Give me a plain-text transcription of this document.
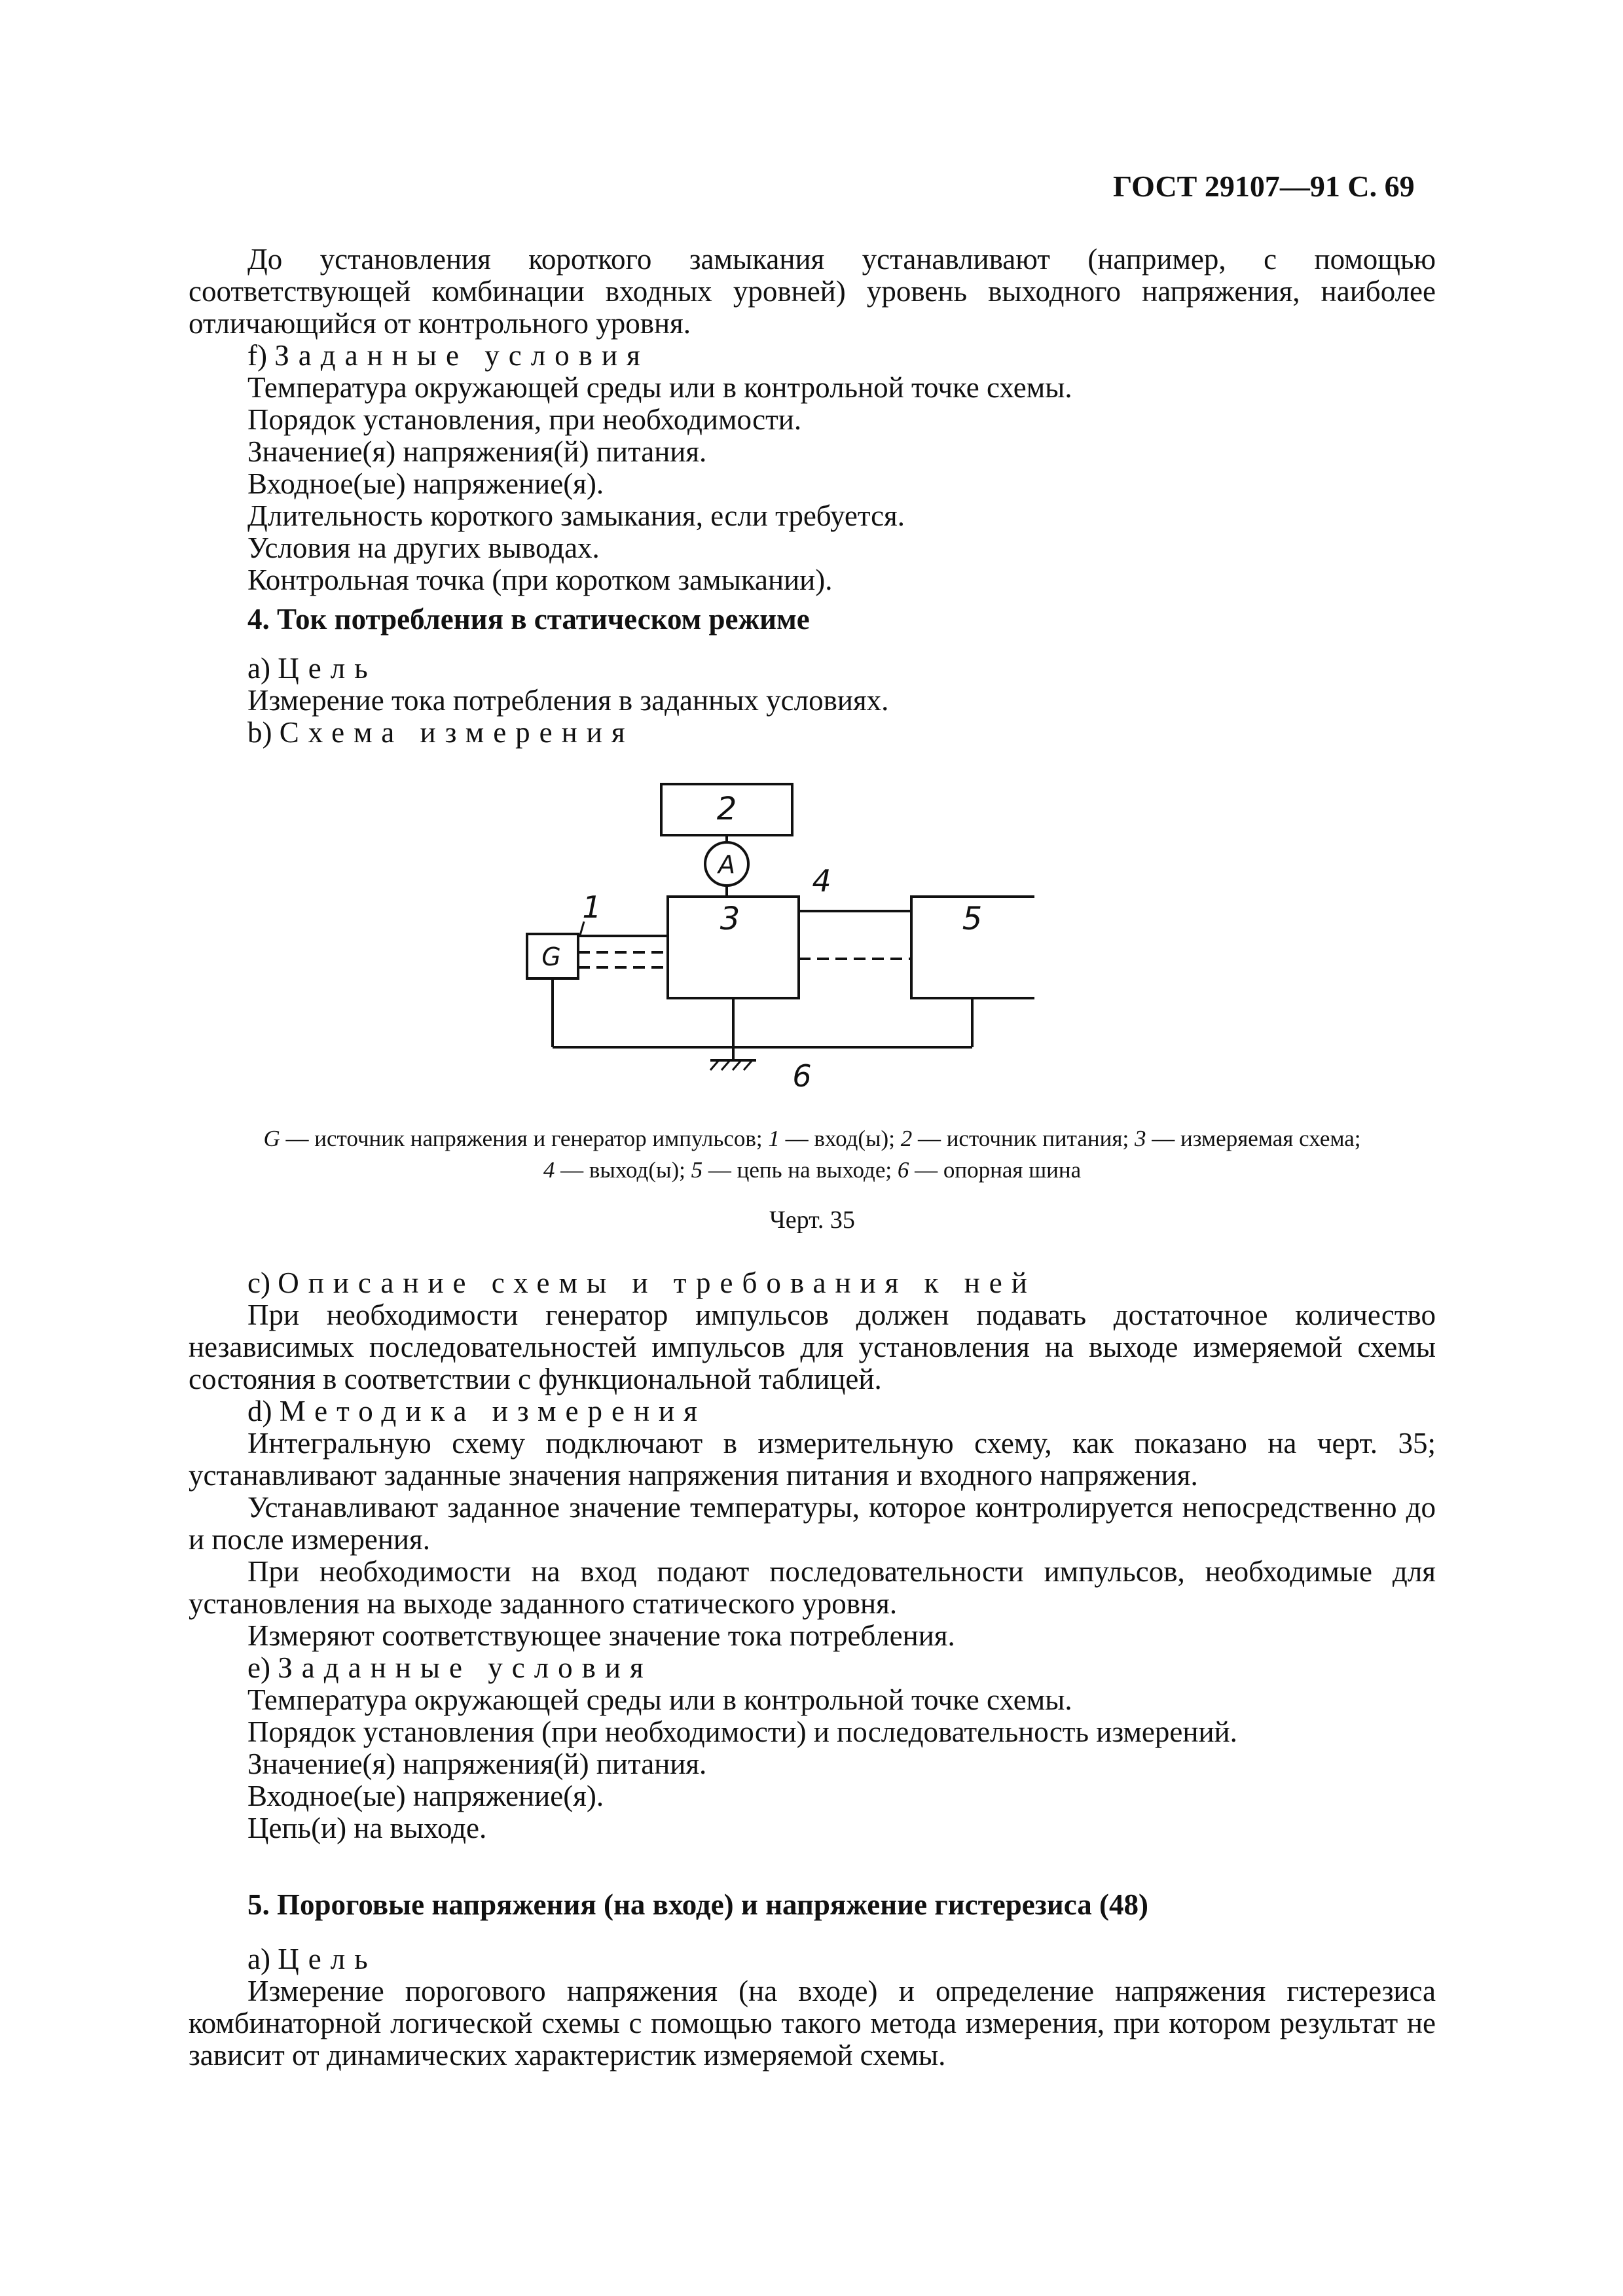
ГОСТ 29107—91 С. 69

До установления короткого замыкания устанавливают (например, с помощью соответствующей комбинации входных уровней) уровень выходного напряжения, наиболее отличающийся от контрольного уровня.

f) Заданные условия

Температура окружающей среды или в контрольной точке схемы.

Порядок установления, при необходимости.

Значение(я) напряжения(й) питания.

Входное(ые) напряжение(я).

Длительность короткого замыкания, если требуется.

Условия на других выводах.

Контрольная точка (при коротком замыкании).

4. Ток потребления в статическом режиме

a) Цель

Измерение тока потребления в заданных условиях.

b) Схема измерения

2
A
3	5
G
1
4
6
G — источник напряжения и генератор импульсов; 1 — вход(ы); 2 — источник питания; 3 — измеряемая схема;
4 — выход(ы); 5 — цепь на выходе; 6 — опорная шина
Черт. 35

c) Описание схемы и требования к ней

При необходимости генератор импульсов должен подавать достаточное количество независимых последовательностей импульсов для установления на выходе измеряемой схемы состояния в соответствии с функциональной таблицей.

d) Методика измерения

Интегральную схему подключают в измерительную схему, как показано на черт. 35; устанавливают заданные значения напряжения питания и входного напряжения.

Устанавливают заданное значение температуры, которое контролируется непосредственно до и после измерения.

При необходимости на вход подают последовательности импульсов, необходимые для установления на выходе заданного статического уровня.

Измеряют соответствующее значение тока потребления.

e) Заданные условия

Температура окружающей среды или в контрольной точке схемы.

Порядок установления (при необходимости) и последовательность измерений.

Значение(я) напряжения(й) питания.

Входное(ые) напряжение(я).

Цепь(и) на выходе.

5. Пороговые напряжения (на входе) и напряжение гистерезиса (48)

a) Цель

Измерение порогового напряжения (на входе) и определение напряжения гистерезиса комбинаторной логической схемы с помощью такого метода измерения, при котором результат не зависит от динамических характеристик измеряемой схемы.
